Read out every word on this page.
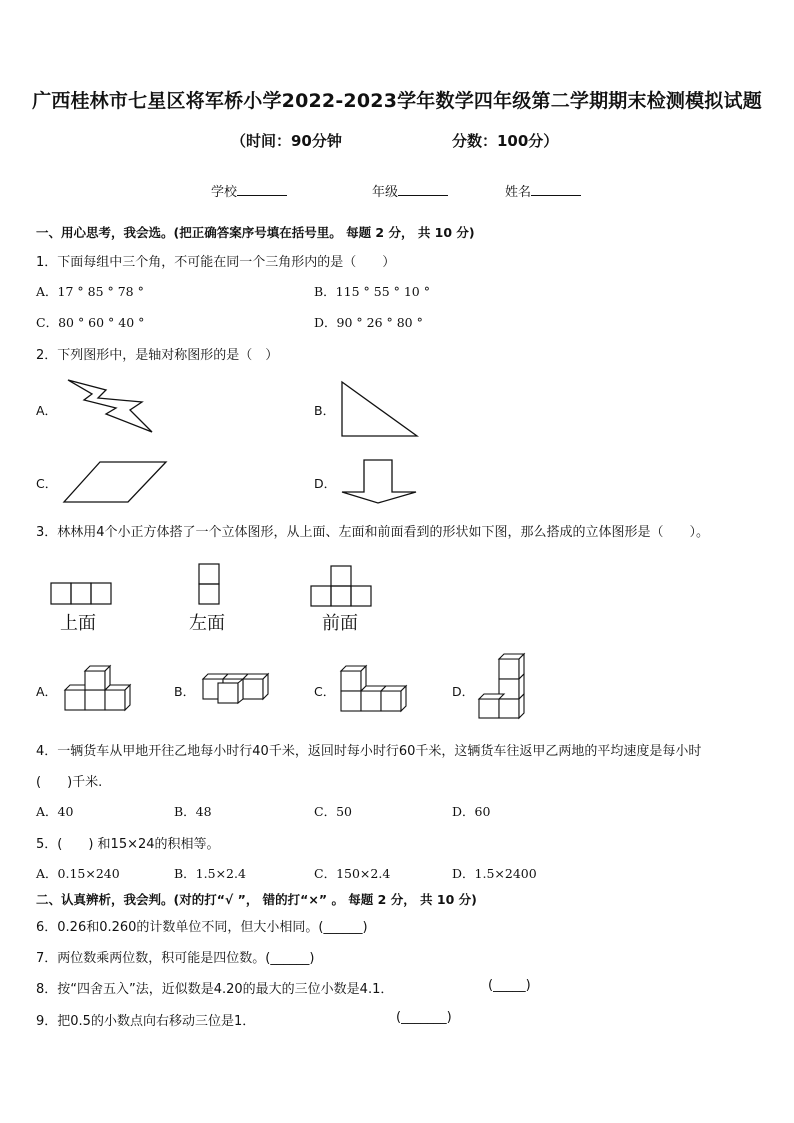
广西桂林市七星区将军桥小学2022-2023学年数学四年级第二学期期末检测模拟试题
（时间：90分钟	分数：100分）
学校	年级	姓名
一、用心思考，我会选。(把正确答案序号填在括号里。 每题 2 分， 共 10 分)
1．下面每组中三个角，不可能在同一个三角形内的是（　　）
A．17 ° 85 ° 78 °	B．115 ° 55 ° 10 °
C．80 ° 60 ° 40 °	D．90 ° 26 ° 80 °
2．下列图形中，是轴对称图形的是（　）
A．	B．
C．	D．
3．林林用4个小正方体搭了一个立体图形，从上面、左面和前面看到的形状如下图，那么搭成的立体图形是（　　）。
上面	左面	前面
A．	B．	C．	D．
4．一辆货车从甲地开往乙地每小时行40千米，返回时每小时行60千米，这辆货车往返甲乙两地的平均速度是每小时
(　　)千米.
A．40	B．48	C．50	D．60
5．(　　) 和15×24的积相等。
A．0.15×240	B．1.5×2.4	C．150×2.4	D．1.5×2400
二、认真辨析，我会判。(对的打“√ ”， 错的打“×” 。 每题 2 分， 共 10 分)
6．0.26和0.260的计数单位不同，但大小相同。(______)
7．两位数乘两位数，积可能是四位数。(______)
8．按“四舍五入”法，近似数是4.20的最大的三位小数是4.1．	(_____)
9．把0.5的小数点向右移动三位是1．	(_______)
